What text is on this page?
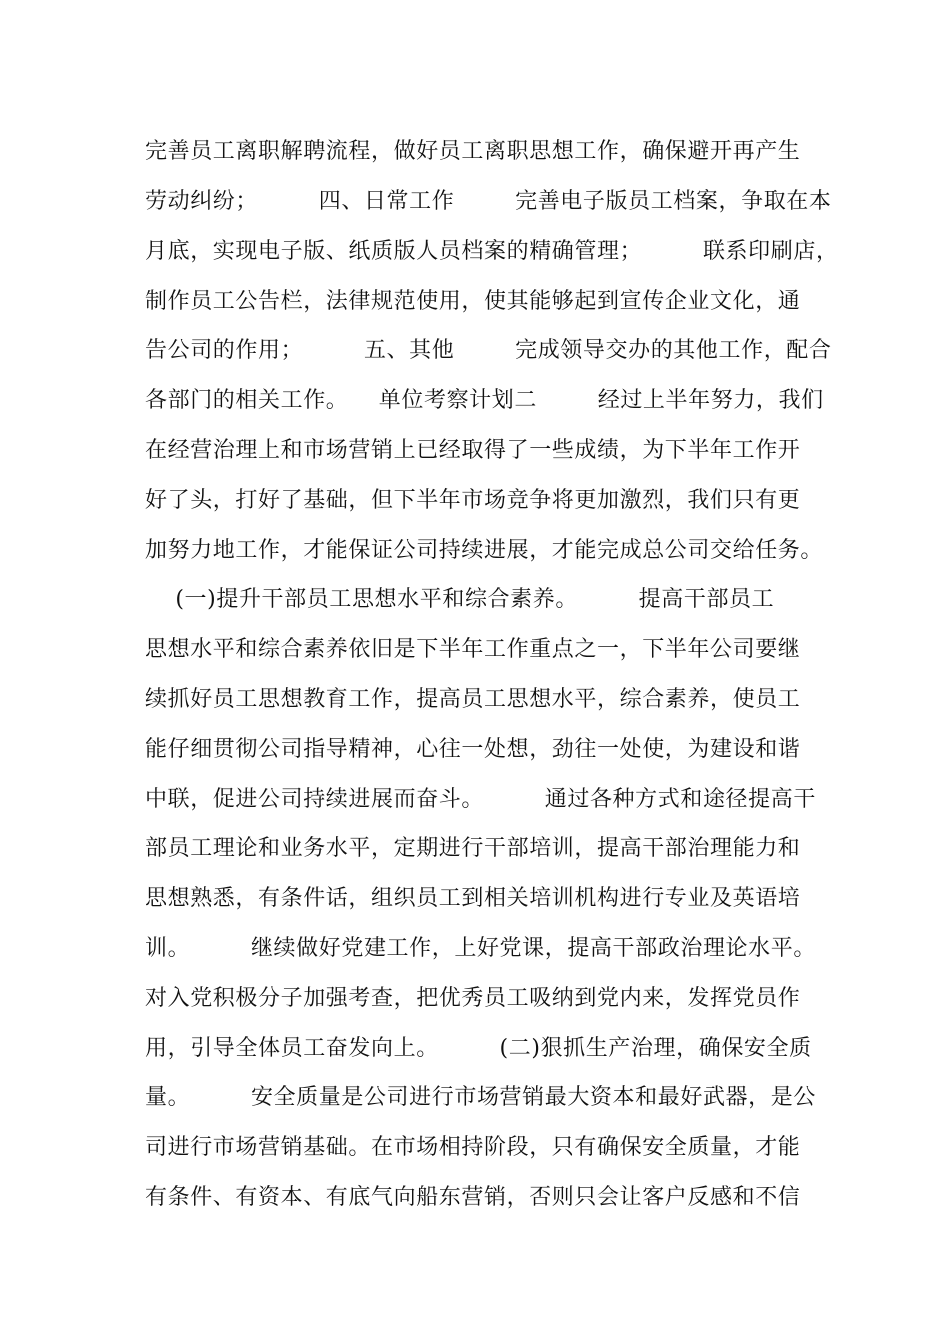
完善员工离职解聘流程，做好员工离职思想工作，确保避开再产生
劳动纠纷；        四、日常工作        完善电子版员工档案，争取在本
月底，实现电子版、纸质版人员档案的精确管理；        联系印刷店，
制作员工公告栏，法律规范使用，使其能够起到宣传企业文化，通
告公司的作用；        五、其他        完成领导交办的其他工作，配合
各部门的相关工作。    单位考察计划二        经过上半年努力，我们
在经营治理上和市场营销上已经取得了一些成绩，为下半年工作开
好了头，打好了基础，但下半年市场竞争将更加激烈，我们只有更
加努力地工作，才能保证公司持续进展，才能完成总公司交给任务。
(一)提升干部员工思想水平和综合素养。        提高干部员工
思想水平和综合素养依旧是下半年工作重点之一，下半年公司要继
续抓好员工思想教育工作，提高员工思想水平，综合素养，使员工
能仔细贯彻公司指导精神，心往一处想，劲往一处使，为建设和谐
中联，促进公司持续进展而奋斗。        通过各种方式和途径提高干
部员工理论和业务水平，定期进行干部培训，提高干部治理能力和
思想熟悉，有条件话，组织员工到相关培训机构进行专业及英语培
训。        继续做好党建工作，上好党课，提高干部政治理论水平。
对入党积极分子加强考查，把优秀员工吸纳到党内来，发挥党员作
用，引导全体员工奋发向上。        (二)狠抓生产治理，确保安全质
量。        安全质量是公司进行市场营销最大资本和最好武器，是公
司进行市场营销基础。在市场相持阶段，只有确保安全质量，才能
有条件、有资本、有底气向船东营销，否则只会让客户反感和不信
